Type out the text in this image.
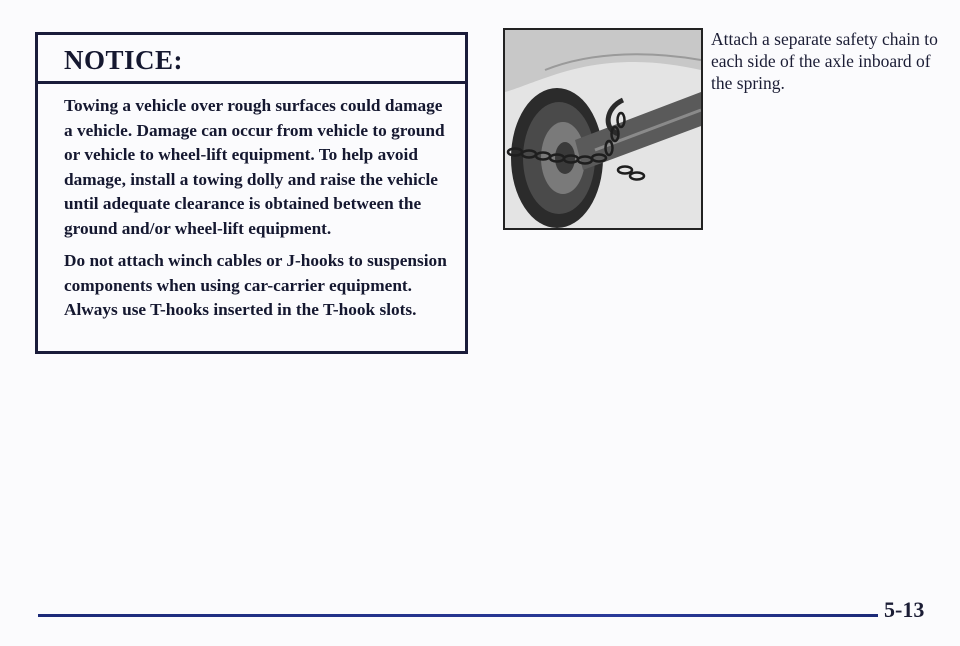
NOTICE:

Towing a vehicle over rough surfaces could damage a vehicle. Damage can occur from vehicle to ground or vehicle to wheel-lift equipment. To help avoid damage, install a towing dolly and raise the vehicle until adequate clearance is obtained between the ground and/or wheel-lift equipment.

Do not attach winch cables or J-hooks to suspension components when using car-carrier equipment. Always use T-hooks inserted in the T-hook slots.

Attach a separate safety chain to each side of the axle inboard of the spring.
5-13
